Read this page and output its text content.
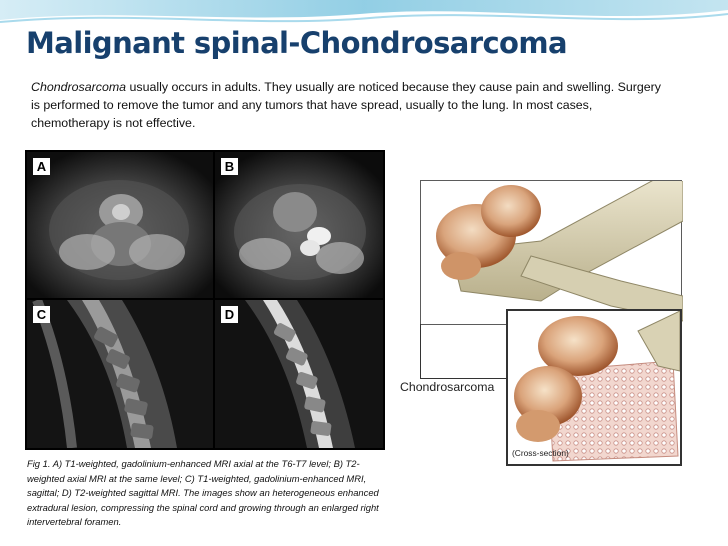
Malignant spinal-Chondrosarcoma
Chondrosarcoma usually occurs in adults. They usually are noticed because they cause pain and swelling. Surgery is performed to remove the tumor and any tumors that have spread, usually to the lung. In most cases, chemotherapy is not effective.
A	B
C	D
Fig 1. A) T1-weighted, gadolinium-enhanced MRI axial at the T6-T7 level; B) T2- weighted axial MRI at the same level; C) T1-weighted, gadolinium-enhanced MRI, sagittal; D) T2-weighted sagittal MRI. The images show an heterogeneous enhanced extradural lesion, compressing the spinal cord and growing through an enlarged right intervertebral foramen.
Chondrosarcoma
(Cross-section)
